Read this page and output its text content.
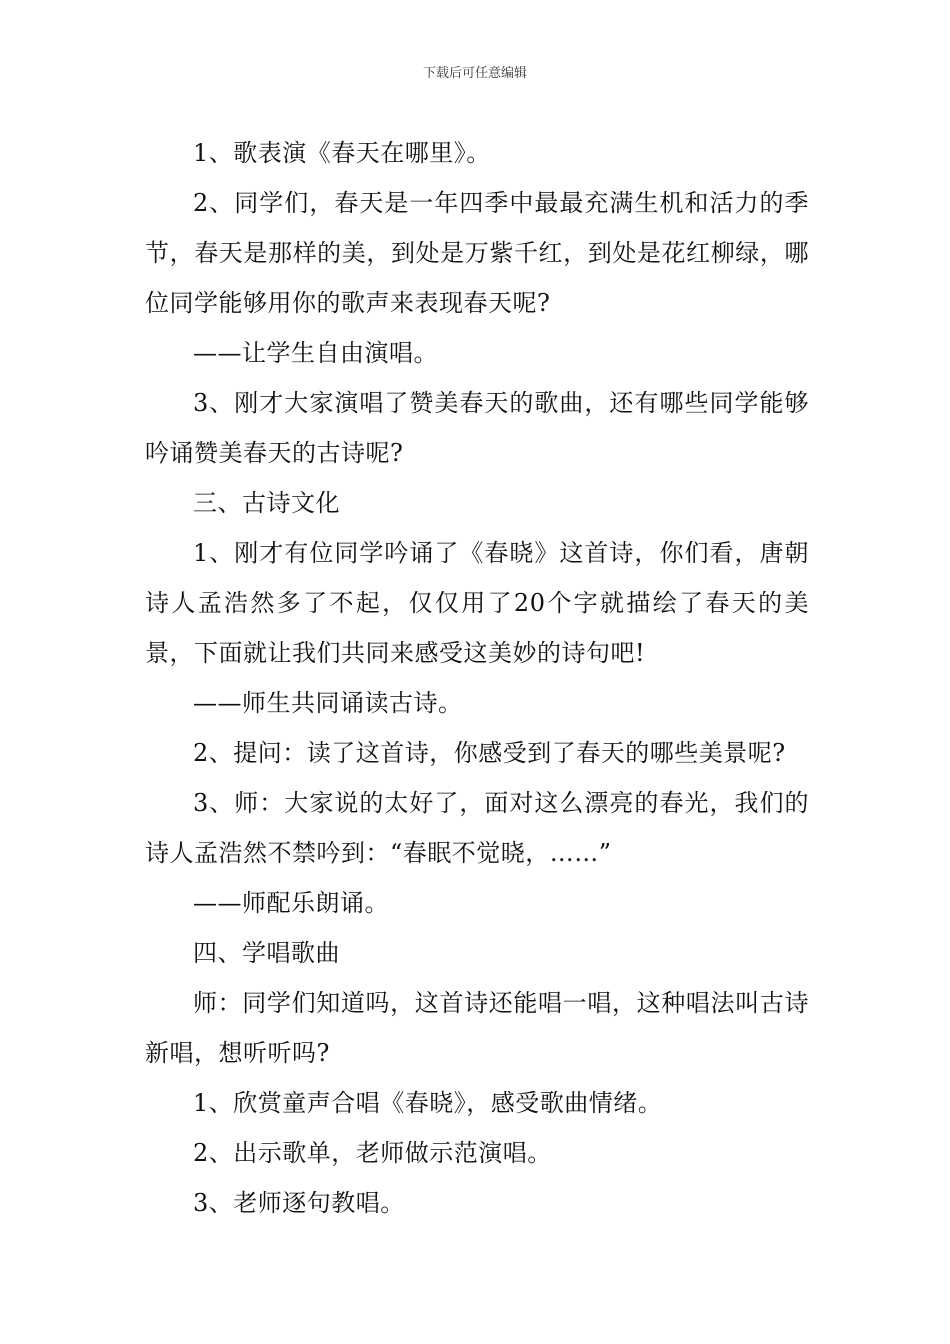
下载后可任意编辑

1、歌表演《春天在哪里》。

2、同学们，春天是一年四季中最最充满生机和活力的季节，春天是那样的美，到处是万紫千红，到处是花红柳绿，哪位同学能够用你的歌声来表现春天呢?

——让学生自由演唱。

3、刚才大家演唱了赞美春天的歌曲，还有哪些同学能够吟诵赞美春天的古诗呢?

三、古诗文化

1、刚才有位同学吟诵了《春晓》这首诗，你们看，唐朝诗人孟浩然多了不起，仅仅用了20个字就描绘了春天的美景，下面就让我们共同来感受这美妙的诗句吧!

——师生共同诵读古诗。

2、提问：读了这首诗，你感受到了春天的哪些美景呢?

3、师：大家说的太好了，面对这么漂亮的春光，我们的诗人孟浩然不禁吟到：“春眠不觉晓，……”

——师配乐朗诵。

四、学唱歌曲

师：同学们知道吗，这首诗还能唱一唱，这种唱法叫古诗新唱，想听听吗?

1、欣赏童声合唱《春晓》，感受歌曲情绪。

2、出示歌单，老师做示范演唱。

3、老师逐句教唱。
